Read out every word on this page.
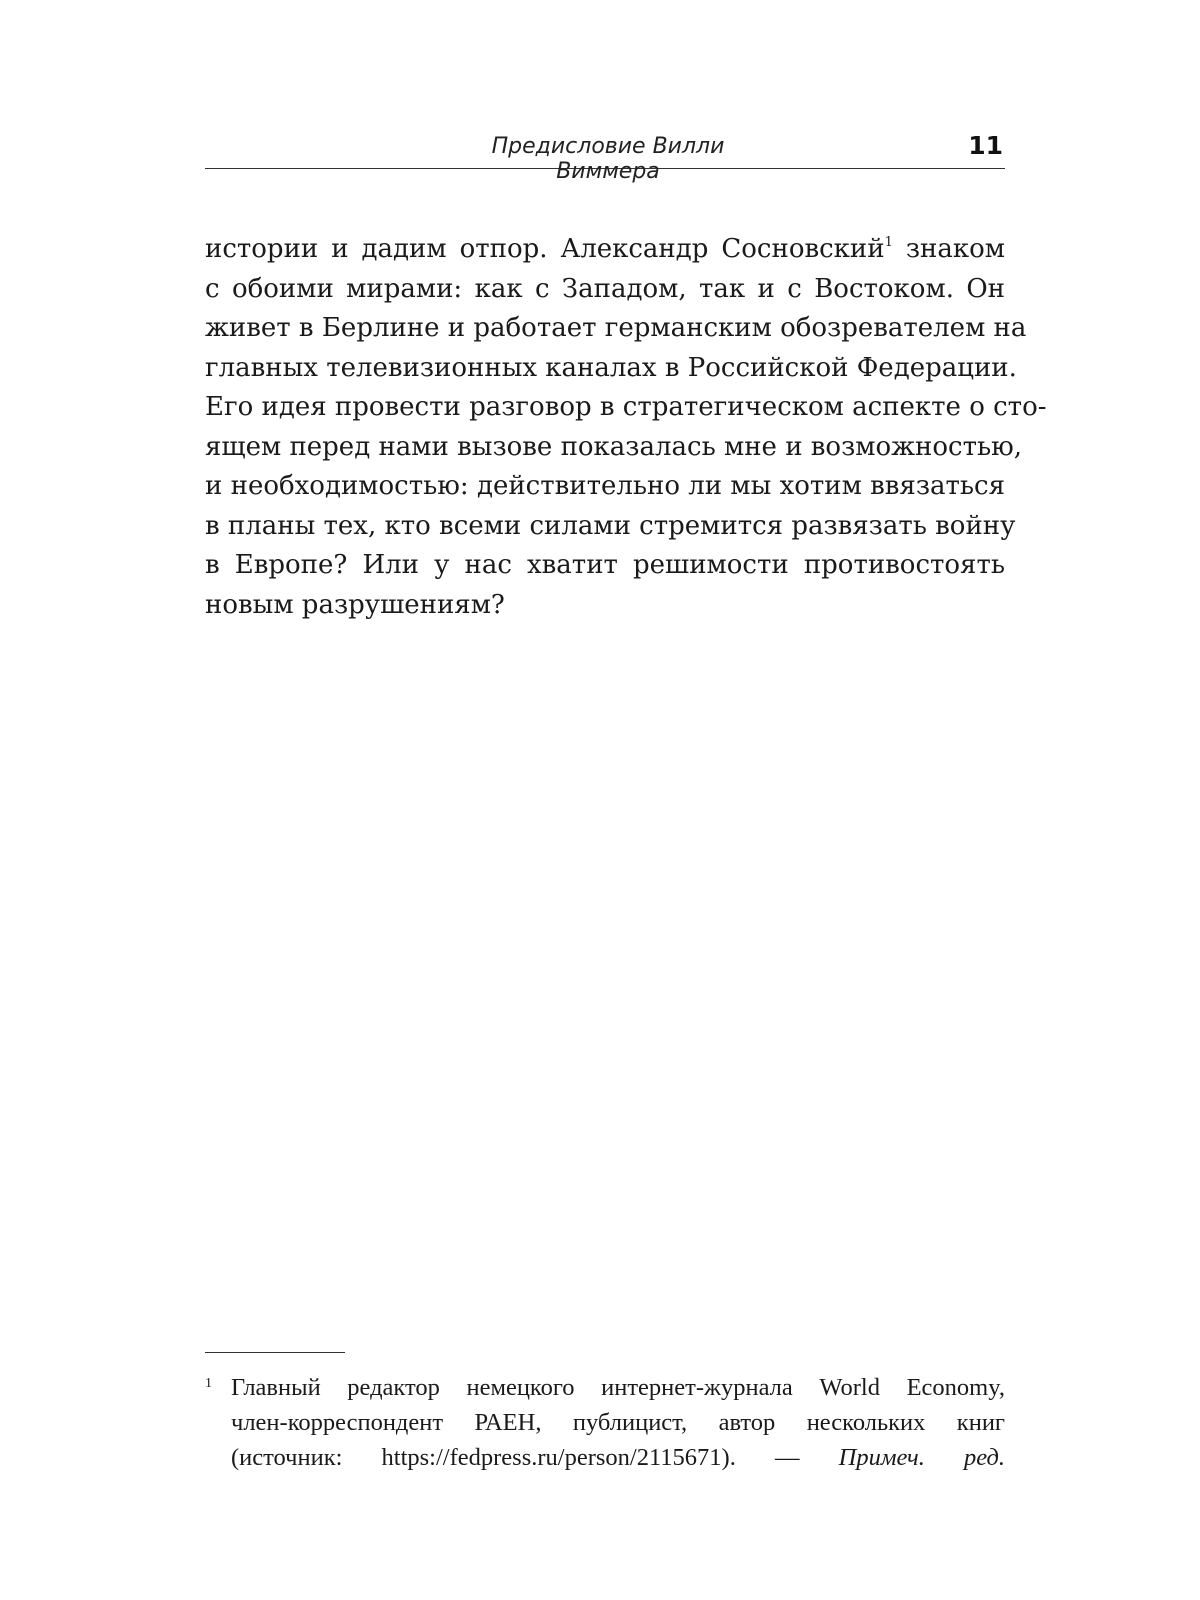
Предисловие Вилли Виммера
11
истории и дадим отпор. Александр Сосновский$^1$ знаком
с обоими мирами: как с Западом, так и с Востоком. Он
живет в Берлине и работает германским обозревателем на
главных телевизионных каналах в Российской Федерации.
Его идея провести разговор в стратегическом аспекте о сто-
ящем перед нами вызове показалась мне и возможностью,
и необходимостью: действительно ли мы хотим ввязаться
в планы тех, кто всеми силами стремится развязать войну
в Европе? Или у нас хватит решимости противостоять
новым разрушениям?
1 Главный редактор немецкого интернет-журнала World Economy,
член-корреспондент РАЕН, публицист, автор нескольких книг
(источник: https://fedpress.ru/person/2115671). — Примеч. ред.
